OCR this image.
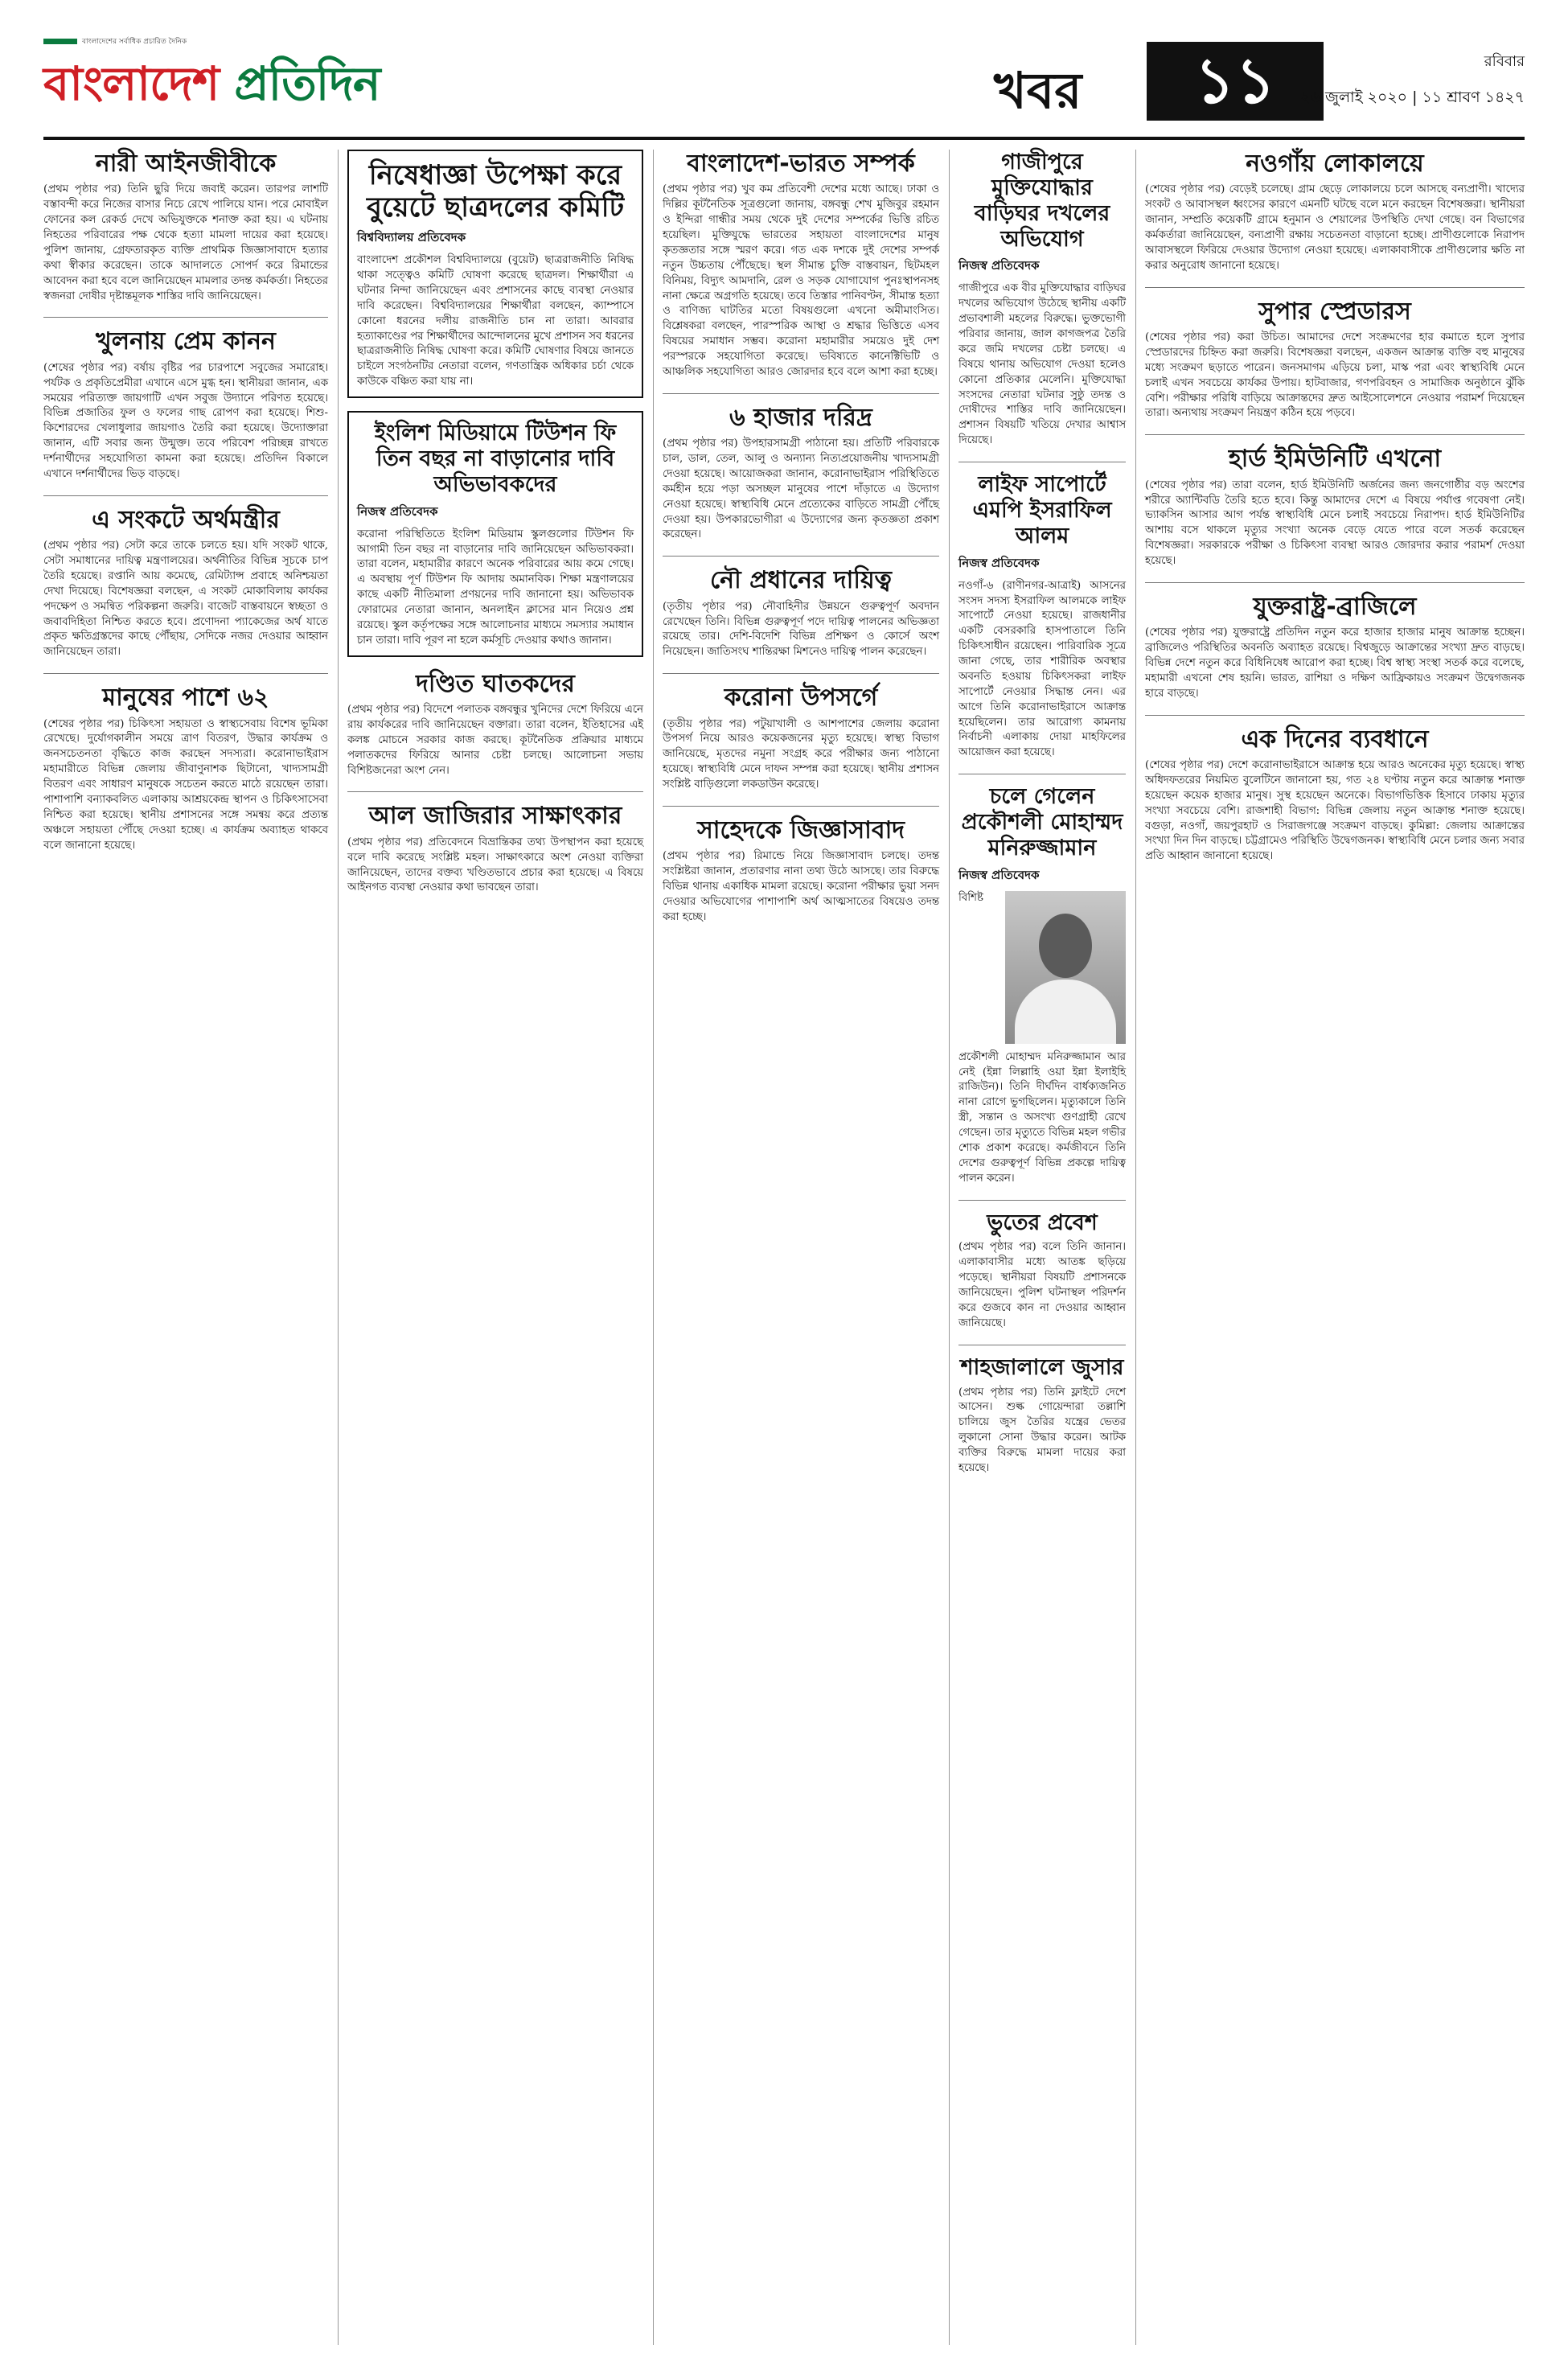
বাংলাদেশের সর্বাধিক প্রচারিত দৈনিক
বাংলাদেশ প্রতিদিন	খবর	১১	রবিবার
২৬ জুলাই ২০২০ | ১১ শ্রাবণ ১৪২৭
নারী আইনজীবীকে

(প্রথম পৃষ্ঠার পর) তিনি ছুরি দিয়ে জবাই করেন। তারপর লাশটি বস্তাবন্দী করে নিজের বাসার নিচে রেখে পালিয়ে যান। পরে মোবাইল ফোনের কল রেকর্ড দেখে অভিযুক্তকে শনাক্ত করা হয়। এ ঘটনায় নিহতের পরিবারের পক্ষ থেকে হত্যা মামলা দায়ের করা হয়েছে। পুলিশ জানায়, গ্রেফতারকৃত ব্যক্তি প্রাথমিক জিজ্ঞাসাবাদে হত্যার কথা স্বীকার করেছেন। তাকে আদালতে সোপর্দ করে রিমান্ডের আবেদন করা হবে বলে জানিয়েছেন মামলার তদন্ত কর্মকর্তা। নিহতের স্বজনরা দোষীর দৃষ্টান্তমূলক শাস্তির দাবি জানিয়েছেন।

খুলনায় প্রেম কানন

(শেষের পৃষ্ঠার পর) বর্ষায় বৃষ্টির পর চারপাশে সবুজের সমারোহ। পর্যটক ও প্রকৃতিপ্রেমীরা এখানে এসে মুগ্ধ হন। স্থানীয়রা জানান, এক সময়ের পরিত্যক্ত জায়গাটি এখন সবুজ উদ্যানে পরিণত হয়েছে। বিভিন্ন প্রজাতির ফুল ও ফলের গাছ রোপণ করা হয়েছে। শিশু-কিশোরদের খেলাধুলার জায়গাও তৈরি করা হয়েছে। উদ্যোক্তারা জানান, এটি সবার জন্য উন্মুক্ত। তবে পরিবেশ পরিচ্ছন্ন রাখতে দর্শনার্থীদের সহযোগিতা কামনা করা হয়েছে। প্রতিদিন বিকালে এখানে দর্শনার্থীদের ভিড় বাড়ছে।

এ সংকটে অর্থমন্ত্রীর

(প্রথম পৃষ্ঠার পর) সেটা করে তাকে চলতে হয়। যদি সংকট থাকে, সেটা সমাধানের দায়িত্ব মন্ত্রণালয়ের। অর্থনীতির বিভিন্ন সূচকে চাপ তৈরি হয়েছে। রপ্তানি আয় কমেছে, রেমিট্যান্স প্রবাহে অনিশ্চয়তা দেখা দিয়েছে। বিশেষজ্ঞরা বলছেন, এ সংকট মোকাবিলায় কার্যকর পদক্ষেপ ও সমন্বিত পরিকল্পনা জরুরি। বাজেট বাস্তবায়নে স্বচ্ছতা ও জবাবদিহিতা নিশ্চিত করতে হবে। প্রণোদনা প্যাকেজের অর্থ যাতে প্রকৃত ক্ষতিগ্রস্তদের কাছে পৌঁছায়, সেদিকে নজর দেওয়ার আহ্বান জানিয়েছেন তারা।

মানুষের পাশে ৬২

(শেষের পৃষ্ঠার পর) চিকিৎসা সহায়তা ও স্বাস্থ্যসেবায় বিশেষ ভূমিকা রেখেছে। দুর্যোগকালীন সময়ে ত্রাণ বিতরণ, উদ্ধার কার্যক্রম ও জনসচেতনতা বৃদ্ধিতে কাজ করছেন সদস্যরা। করোনাভাইরাস মহামারীতে বিভিন্ন জেলায় জীবাণুনাশক ছিটানো, খাদ্যসামগ্রী বিতরণ এবং সাধারণ মানুষকে সচেতন করতে মাঠে রয়েছেন তারা। পাশাপাশি বন্যাকবলিত এলাকায় আশ্রয়কেন্দ্র স্থাপন ও চিকিৎসাসেবা নিশ্চিত করা হয়েছে। স্থানীয় প্রশাসনের সঙ্গে সমন্বয় করে প্রত্যন্ত অঞ্চলে সহায়তা পৌঁছে দেওয়া হচ্ছে। এ কার্যক্রম অব্যাহত থাকবে বলে জানানো হয়েছে।

নিষেধাজ্ঞা উপেক্ষা করে বুয়েটে ছাত্রদলের কমিটি
বিশ্ববিদ্যালয় প্রতিবেদক

বাংলাদেশ প্রকৌশল বিশ্ববিদ্যালয়ে (বুয়েট) ছাত্ররাজনীতি নিষিদ্ধ থাকা সত্ত্বেও কমিটি ঘোষণা করেছে ছাত্রদল। শিক্ষার্থীরা এ ঘটনার নিন্দা জানিয়েছেন এবং প্রশাসনের কাছে ব্যবস্থা নেওয়ার দাবি করেছেন। বিশ্ববিদ্যালয়ের শিক্ষার্থীরা বলছেন, ক্যাম্পাসে কোনো ধরনের দলীয় রাজনীতি চান না তারা। আবরার হত্যাকাণ্ডের পর শিক্ষার্থীদের আন্দোলনের মুখে প্রশাসন সব ধরনের ছাত্ররাজনীতি নিষিদ্ধ ঘোষণা করে। কমিটি ঘোষণার বিষয়ে জানতে চাইলে সংগঠনটির নেতারা বলেন, গণতান্ত্রিক অধিকার চর্চা থেকে কাউকে বঞ্চিত করা যায় না।

ইংলিশ মিডিয়ামে টিউশন ফি তিন বছর না বাড়ানোর দাবি অভিভাবকদের
নিজস্ব প্রতিবেদক

করোনা পরিস্থিতিতে ইংলিশ মিডিয়াম স্কুলগুলোর টিউশন ফি আগামী তিন বছর না বাড়ানোর দাবি জানিয়েছেন অভিভাবকরা। তারা বলেন, মহামারীর কারণে অনেক পরিবারের আয় কমে গেছে। এ অবস্থায় পূর্ণ টিউশন ফি আদায় অমানবিক। শিক্ষা মন্ত্রণালয়ের কাছে একটি নীতিমালা প্রণয়নের দাবি জানানো হয়। অভিভাবক ফোরামের নেতারা জানান, অনলাইন ক্লাসের মান নিয়েও প্রশ্ন রয়েছে। স্কুল কর্তৃপক্ষের সঙ্গে আলোচনার মাধ্যমে সমস্যার সমাধান চান তারা। দাবি পূরণ না হলে কর্মসূচি দেওয়ার কথাও জানান।

দণ্ডিত ঘাতকদের

(প্রথম পৃষ্ঠার পর) বিদেশে পলাতক বঙ্গবন্ধুর খুনিদের দেশে ফিরিয়ে এনে রায় কার্যকরের দাবি জানিয়েছেন বক্তারা। তারা বলেন, ইতিহাসের এই কলঙ্ক মোচনে সরকার কাজ করছে। কূটনৈতিক প্রক্রিয়ার মাধ্যমে পলাতকদের ফিরিয়ে আনার চেষ্টা চলছে। আলোচনা সভায় বিশিষ্টজনেরা অংশ নেন।

আল জাজিরার সাক্ষাৎকার

(প্রথম পৃষ্ঠার পর) প্রতিবেদনে বিভ্রান্তিকর তথ্য উপস্থাপন করা হয়েছে বলে দাবি করেছে সংশ্লিষ্ট মহল। সাক্ষাৎকারে অংশ নেওয়া ব্যক্তিরা জানিয়েছেন, তাদের বক্তব্য খণ্ডিতভাবে প্রচার করা হয়েছে। এ বিষয়ে আইনগত ব্যবস্থা নেওয়ার কথা ভাবছেন তারা।

বাংলাদেশ-ভারত সম্পর্ক

(প্রথম পৃষ্ঠার পর) খুব কম প্রতিবেশী দেশের মধ্যে আছে। ঢাকা ও দিল্লির কূটনৈতিক সূত্রগুলো জানায়, বঙ্গবন্ধু শেখ মুজিবুর রহমান ও ইন্দিরা গান্ধীর সময় থেকে দুই দেশের সম্পর্কের ভিত্তি রচিত হয়েছিল। মুক্তিযুদ্ধে ভারতের সহায়তা বাংলাদেশের মানুষ কৃতজ্ঞতার সঙ্গে স্মরণ করে। গত এক দশকে দুই দেশের সম্পর্ক নতুন উচ্চতায় পৌঁছেছে। স্থল সীমান্ত চুক্তি বাস্তবায়ন, ছিটমহল বিনিময়, বিদ্যুৎ আমদানি, রেল ও সড়ক যোগাযোগ পুনঃস্থাপনসহ নানা ক্ষেত্রে অগ্রগতি হয়েছে। তবে তিস্তার পানিবণ্টন, সীমান্ত হত্যা ও বাণিজ্য ঘাটতির মতো বিষয়গুলো এখনো অমীমাংসিত। বিশ্লেষকরা বলছেন, পারস্পরিক আস্থা ও শ্রদ্ধার ভিত্তিতে এসব বিষয়ের সমাধান সম্ভব। করোনা মহামারীর সময়েও দুই দেশ পরস্পরকে সহযোগিতা করেছে। ভবিষ্যতে কানেক্টিভিটি ও আঞ্চলিক সহযোগিতা আরও জোরদার হবে বলে আশা করা হচ্ছে।

৬ হাজার দরিদ্র

(প্রথম পৃষ্ঠার পর) উপহারসামগ্রী পাঠানো হয়। প্রতিটি পরিবারকে চাল, ডাল, তেল, আলু ও অন্যান্য নিত্যপ্রয়োজনীয় খাদ্যসামগ্রী দেওয়া হয়েছে। আয়োজকরা জানান, করোনাভাইরাস পরিস্থিতিতে কর্মহীন হয়ে পড়া অসচ্ছল মানুষের পাশে দাঁড়াতে এ উদ্যোগ নেওয়া হয়েছে। স্বাস্থ্যবিধি মেনে প্রত্যেকের বাড়িতে সামগ্রী পৌঁছে দেওয়া হয়। উপকারভোগীরা এ উদ্যোগের জন্য কৃতজ্ঞতা প্রকাশ করেছেন।

নৌ প্রধানের দায়িত্ব

(তৃতীয় পৃষ্ঠার পর) নৌবাহিনীর উন্নয়নে গুরুত্বপূর্ণ অবদান রেখেছেন তিনি। বিভিন্ন গুরুত্বপূর্ণ পদে দায়িত্ব পালনের অভিজ্ঞতা রয়েছে তার। দেশি-বিদেশি বিভিন্ন প্রশিক্ষণ ও কোর্সে অংশ নিয়েছেন। জাতিসংঘ শান্তিরক্ষা মিশনেও দায়িত্ব পালন করেছেন।

করোনা উপসর্গে

(তৃতীয় পৃষ্ঠার পর) পটুয়াখালী ও আশপাশের জেলায় করোনা উপসর্গ নিয়ে আরও কয়েকজনের মৃত্যু হয়েছে। স্বাস্থ্য বিভাগ জানিয়েছে, মৃতদের নমুনা সংগ্রহ করে পরীক্ষার জন্য পাঠানো হয়েছে। স্বাস্থ্যবিধি মেনে দাফন সম্পন্ন করা হয়েছে। স্থানীয় প্রশাসন সংশ্লিষ্ট বাড়িগুলো লকডাউন করেছে।

সাহেদকে জিজ্ঞাসাবাদ

(প্রথম পৃষ্ঠার পর) রিমান্ডে নিয়ে জিজ্ঞাসাবাদ চলছে। তদন্ত সংশ্লিষ্টরা জানান, প্রতারণার নানা তথ্য উঠে আসছে। তার বিরুদ্ধে বিভিন্ন থানায় একাধিক মামলা রয়েছে। করোনা পরীক্ষার ভুয়া সনদ দেওয়ার অভিযোগের পাশাপাশি অর্থ আত্মসাতের বিষয়েও তদন্ত করা হচ্ছে।

গাজীপুরে মুক্তিযোদ্ধার বাড়িঘর দখলের অভিযোগ
নিজস্ব প্রতিবেদক

গাজীপুরে এক বীর মুক্তিযোদ্ধার বাড়িঘর দখলের অভিযোগ উঠেছে স্থানীয় একটি প্রভাবশালী মহলের বিরুদ্ধে। ভুক্তভোগী পরিবার জানায়, জাল কাগজপত্র তৈরি করে জমি দখলের চেষ্টা চলছে। এ বিষয়ে থানায় অভিযোগ দেওয়া হলেও কোনো প্রতিকার মেলেনি। মুক্তিযোদ্ধা সংসদের নেতারা ঘটনার সুষ্ঠু তদন্ত ও দোষীদের শাস্তির দাবি জানিয়েছেন। প্রশাসন বিষয়টি খতিয়ে দেখার আশ্বাস দিয়েছে।

লাইফ সাপোর্টে এমপি ইসরাফিল আলম
নিজস্ব প্রতিবেদক

নওগাঁ-৬ (রাণীনগর-আত্রাই) আসনের সংসদ সদস্য ইসরাফিল আলমকে লাইফ সাপোর্টে নেওয়া হয়েছে। রাজধানীর একটি বেসরকারি হাসপাতালে তিনি চিকিৎসাধীন রয়েছেন। পারিবারিক সূত্রে জানা গেছে, তার শারীরিক অবস্থার অবনতি হওয়ায় চিকিৎসকরা লাইফ সাপোর্টে নেওয়ার সিদ্ধান্ত নেন। এর আগে তিনি করোনাভাইরাসে আক্রান্ত হয়েছিলেন। তার আরোগ্য কামনায় নির্বাচনী এলাকায় দোয়া মাহফিলের আয়োজন করা হয়েছে।

চলে গেলেন প্রকৌশলী মোহাম্মদ মনিরুজ্জামান
নিজস্ব প্রতিবেদক

বিশিষ্ট প্রকৌশলী মোহাম্মদ মনিরুজ্জামান আর নেই (ইন্না লিল্লাহি ওয়া ইন্না ইলাইহি রাজিউন)। তিনি দীর্ঘদিন বার্ধক্যজনিত নানা রোগে ভুগছিলেন। মৃত্যুকালে তিনি স্ত্রী, সন্তান ও অসংখ্য গুণগ্রাহী রেখে গেছেন। তার মৃত্যুতে বিভিন্ন মহল গভীর শোক প্রকাশ করেছে। কর্মজীবনে তিনি দেশের গুরুত্বপূর্ণ বিভিন্ন প্রকল্পে দায়িত্ব পালন করেন।

ভুতের প্রবেশ

(প্রথম পৃষ্ঠার পর) বলে তিনি জানান। এলাকাবাসীর মধ্যে আতঙ্ক ছড়িয়ে পড়েছে। স্থানীয়রা বিষয়টি প্রশাসনকে জানিয়েছেন। পুলিশ ঘটনাস্থল পরিদর্শন করে গুজবে কান না দেওয়ার আহ্বান জানিয়েছে।

শাহজালালে জুসার

(প্রথম পৃষ্ঠার পর) তিনি ফ্লাইটে দেশে আসেন। শুল্ক গোয়েন্দারা তল্লাশি চালিয়ে জুস তৈরির যন্ত্রের ভেতর লুকানো সোনা উদ্ধার করেন। আটক ব্যক্তির বিরুদ্ধে মামলা দায়ের করা হয়েছে।

নওগাঁয় লোকালয়ে

(শেষের পৃষ্ঠার পর) বেড়েই চলেছে। গ্রাম ছেড়ে লোকালয়ে চলে আসছে বন্যপ্রাণী। খাদ্যের সংকট ও আবাসস্থল ধ্বংসের কারণে এমনটি ঘটছে বলে মনে করছেন বিশেষজ্ঞরা। স্থানীয়রা জানান, সম্প্রতি কয়েকটি গ্রামে হনুমান ও শেয়ালের উপস্থিতি দেখা গেছে। বন বিভাগের কর্মকর্তারা জানিয়েছেন, বন্যপ্রাণী রক্ষায় সচেতনতা বাড়ানো হচ্ছে। প্রাণীগুলোকে নিরাপদ আবাসস্থলে ফিরিয়ে দেওয়ার উদ্যোগ নেওয়া হয়েছে। এলাকাবাসীকে প্রাণীগুলোর ক্ষতি না করার অনুরোধ জানানো হয়েছে।

সুপার স্প্রেডারস

(শেষের পৃষ্ঠার পর) করা উচিত। আমাদের দেশে সংক্রমণের হার কমাতে হলে সুপার স্প্রেডারদের চিহ্নিত করা জরুরি। বিশেষজ্ঞরা বলছেন, একজন আক্রান্ত ব্যক্তি বহু মানুষের মধ্যে সংক্রমণ ছড়াতে পারেন। জনসমাগম এড়িয়ে চলা, মাস্ক পরা এবং স্বাস্থ্যবিধি মেনে চলাই এখন সবচেয়ে কার্যকর উপায়। হাটবাজার, গণপরিবহন ও সামাজিক অনুষ্ঠানে ঝুঁকি বেশি। পরীক্ষার পরিধি বাড়িয়ে আক্রান্তদের দ্রুত আইসোলেশনে নেওয়ার পরামর্শ দিয়েছেন তারা। অন্যথায় সংক্রমণ নিয়ন্ত্রণ কঠিন হয়ে পড়বে।

হার্ড ইমিউনিটি এখনো

(শেষের পৃষ্ঠার পর) তারা বলেন, হার্ড ইমিউনিটি অর্জনের জন্য জনগোষ্ঠীর বড় অংশের শরীরে অ্যান্টিবডি তৈরি হতে হবে। কিন্তু আমাদের দেশে এ বিষয়ে পর্যাপ্ত গবেষণা নেই। ভ্যাকসিন আসার আগ পর্যন্ত স্বাস্থ্যবিধি মেনে চলাই সবচেয়ে নিরাপদ। হার্ড ইমিউনিটির আশায় বসে থাকলে মৃত্যুর সংখ্যা অনেক বেড়ে যেতে পারে বলে সতর্ক করেছেন বিশেষজ্ঞরা। সরকারকে পরীক্ষা ও চিকিৎসা ব্যবস্থা আরও জোরদার করার পরামর্শ দেওয়া হয়েছে।

যুক্তরাষ্ট্র-ব্রাজিলে

(শেষের পৃষ্ঠার পর) যুক্তরাষ্ট্রে প্রতিদিন নতুন করে হাজার হাজার মানুষ আক্রান্ত হচ্ছেন। ব্রাজিলেও পরিস্থিতির অবনতি অব্যাহত রয়েছে। বিশ্বজুড়ে আক্রান্তের সংখ্যা দ্রুত বাড়ছে। বিভিন্ন দেশে নতুন করে বিধিনিষেধ আরোপ করা হচ্ছে। বিশ্ব স্বাস্থ্য সংস্থা সতর্ক করে বলেছে, মহামারী এখনো শেষ হয়নি। ভারত, রাশিয়া ও দক্ষিণ আফ্রিকায়ও সংক্রমণ উদ্বেগজনক হারে বাড়ছে।

এক দিনের ব্যবধানে

(শেষের পৃষ্ঠার পর) দেশে করোনাভাইরাসে আক্রান্ত হয়ে আরও অনেকের মৃত্যু হয়েছে। স্বাস্থ্য অধিদফতরের নিয়মিত বুলেটিনে জানানো হয়, গত ২৪ ঘণ্টায় নতুন করে আক্রান্ত শনাক্ত হয়েছেন কয়েক হাজার মানুষ। সুস্থ হয়েছেন অনেকে। বিভাগভিত্তিক হিসাবে ঢাকায় মৃত্যুর সংখ্যা সবচেয়ে বেশি। রাজশাহী বিভাগ: বিভিন্ন জেলায় নতুন আক্রান্ত শনাক্ত হয়েছে। বগুড়া, নওগাঁ, জয়পুরহাট ও সিরাজগঞ্জে সংক্রমণ বাড়ছে। কুমিল্লা: জেলায় আক্রান্তের সংখ্যা দিন দিন বাড়ছে। চট্টগ্রামেও পরিস্থিতি উদ্বেগজনক। স্বাস্থ্যবিধি মেনে চলার জন্য সবার প্রতি আহ্বান জানানো হয়েছে।
